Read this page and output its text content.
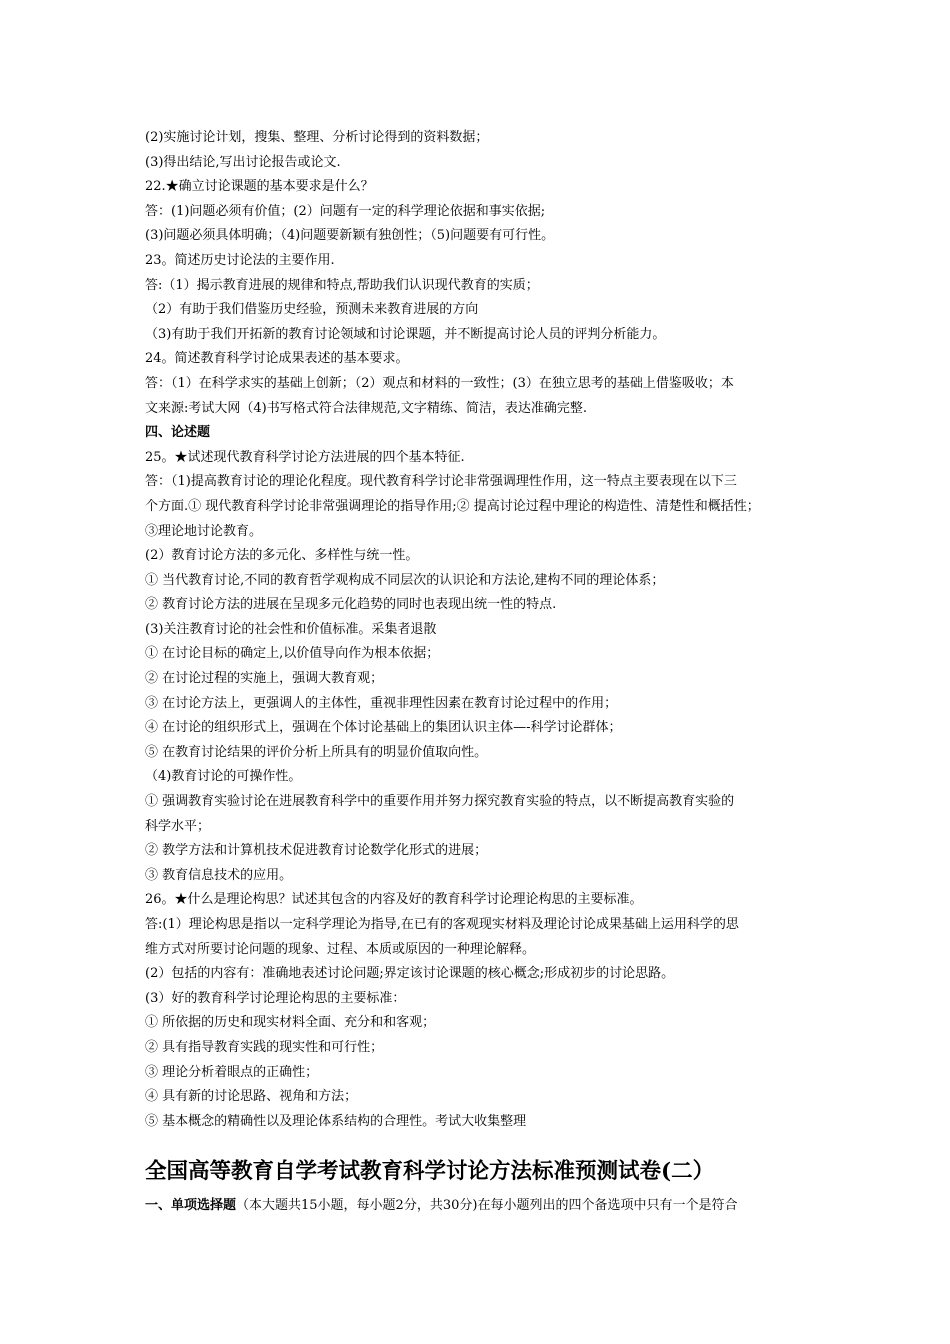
(2)实施讨论计划，搜集、整理、分析讨论得到的资料数据；
(3)得出结论,写出讨论报告或论文.
22.★确立讨论课题的基本要求是什么？
答：(1)问题必须有价值；(2）问题有一定的科学理论依据和事实依据;
(3)问题必须具体明确；（4)问题要新颖有独创性；（5)问题要有可行性。
23。简述历史讨论法的主要作用.
答:（1）揭示教育进展的规律和特点,帮助我们认识现代教育的实质；
（2）有助于我们借鉴历史经验，预测未来教育进展的方向
（3)有助于我们开拓新的教育讨论领域和讨论课题，并不断提高讨论人员的评判分析能力。
24。简述教育科学讨论成果表述的基本要求。
答：（1）在科学求实的基础上创新；（2）观点和材料的一致性；(3）在独立思考的基础上借鉴吸收；本
文来源:考试大网（4)书写格式符合法律规范,文字精练、简洁，表达准确完整.
四、论述题
25。★试述现代教育科学讨论方法进展的四个基本特征.
答：（1)提高教育讨论的理论化程度。现代教育科学讨论非常强调理性作用，这一特点主要表现在以下三
个方面.① 现代教育科学讨论非常强调理论的指导作用;② 提高讨论过程中理论的构造性、清楚性和概括性；
③理论地讨论教育。
(2）教育讨论方法的多元化、多样性与统一性。
① 当代教育讨论,不同的教育哲学观构成不同层次的认识论和方法论,建构不同的理论体系；
② 教育讨论方法的进展在呈现多元化趋势的同时也表现出统一性的特点.
(3)关注教育讨论的社会性和价值标准。采集者退散
① 在讨论目标的确定上,以价值导向作为根本依据；
② 在讨论过程的实施上，强调大教育观；
③ 在讨论方法上，更强调人的主体性，重视非理性因素在教育讨论过程中的作用；
④ 在讨论的组织形式上，强调在个体讨论基础上的集团认识主体—-科学讨论群体；
⑤ 在教育讨论结果的评价分析上所具有的明显价值取向性。
（4)教育讨论的可操作性。
① 强调教育实验讨论在进展教育科学中的重要作用并努力探究教育实验的特点，以不断提高教育实验的
科学水平；
② 教学方法和计算机技术促进教育讨论数学化形式的进展；
③ 教育信息技术的应用。
26。★什么是理论构思？试述其包含的内容及好的教育科学讨论理论构思的主要标准。
答:(1）理论构思是指以一定科学理论为指导,在已有的客观现实材料及理论讨论成果基础上运用科学的思
维方式对所要讨论问题的现象、过程、本质或原因的一种理论解释。
(2）包括的内容有：准确地表述讨论问题;界定该讨论课题的核心概念;形成初步的讨论思路。
(3）好的教育科学讨论理论构思的主要标准：
① 所依据的历史和现实材料全面、充分和和客观；
② 具有指导教育实践的现实性和可行性；
③ 理论分析着眼点的正确性；
④ 具有新的讨论思路、视角和方法；
⑤ 基本概念的精确性以及理论体系结构的合理性。考试大收集整理
全国高等教育自学考试教育科学讨论方法标准预测试卷(二）
一、单项选择题（本大题共15小题，每小题2分，共30分)在每小题列出的四个备选项中只有一个是符合
